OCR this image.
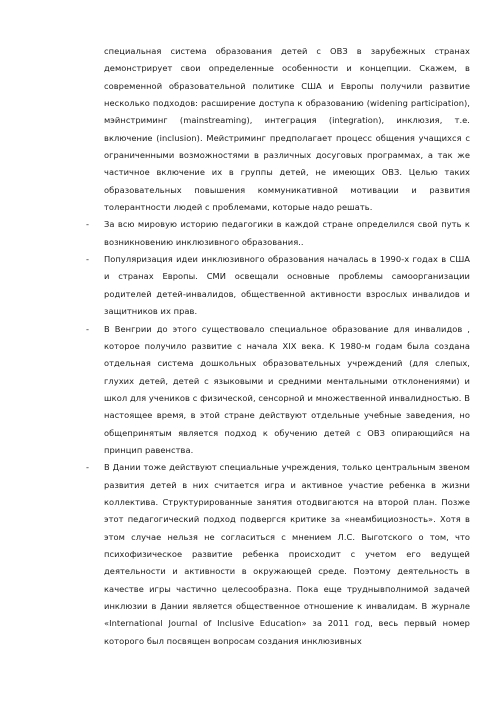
специальная система образования детей с ОВЗ в зарубежных странах демонстрирует свои определенные особенности и концепции. Скажем, в современной образовательной политике США и Европы получили развитие несколько подходов: расширение доступа к образованию (widening participation), мэйнстриминг (mainstreaming), интеграция (integration), инклюзия, т.е. включение (inclusion). Мейстриминг предполагает процесс общения учащихся с ограниченными возможностями в различных досуговых программах, а так же частичное включение их в группы детей, не имеющих ОВЗ. Целью таких образовательных повышения коммуникативной мотивации и развития толерантности людей с проблемами, которые надо решать.

-	За всю мировую историю педагогики в каждой стране определился свой путь к возникновению инклюзивного образования..

-	Популяризация идеи инклюзивного образования началась в 1990-х годах в США и странах Европы. СМИ освещали основные проблемы самоорганизации родителей детей-инвалидов, общественной активности взрослых инвалидов и защитников их прав.

-	В Венгрии до этого существовало специальное образование для инвалидов , которое получило развитие с начала XIX века. К 1980-м годам была создана отдельная система дошкольных образовательных учреждений (для слепых, глухих детей, детей с языковыми и средними ментальными отклонениями) и школ для учеников с физической, сенсорной и множественной инвалидностью. В настоящее время, в этой стране действуют отдельные учебные заведения, но общепринятым является подход к обучению детей с ОВЗ опирающийся на принцип равенства.

-	В Дании тоже действуют специальные учреждения, только центральным звеном развития детей в них считается игра и активное участие ребенка в жизни коллектива. Структурированные занятия отодвигаются на второй план. Позже этот педагогический подход подвергся критике за «неамбициозность». Хотя в этом случае нельзя не согласиться с мнением Л.С. Выготского о том, что психофизическое развитие ребенка происходит с учетом его ведущей деятельности и активности в окружающей среде. Поэтому деятельность в качестве игры частично целесообразна. Пока еще труднывполнимой задачей инклюзии в Дании является общественное отношение к инвалидам. В журнале «International Journal of Inclusive Education» за 2011 год, весь первый номер которого был посвящен вопросам создания инклюзивных
